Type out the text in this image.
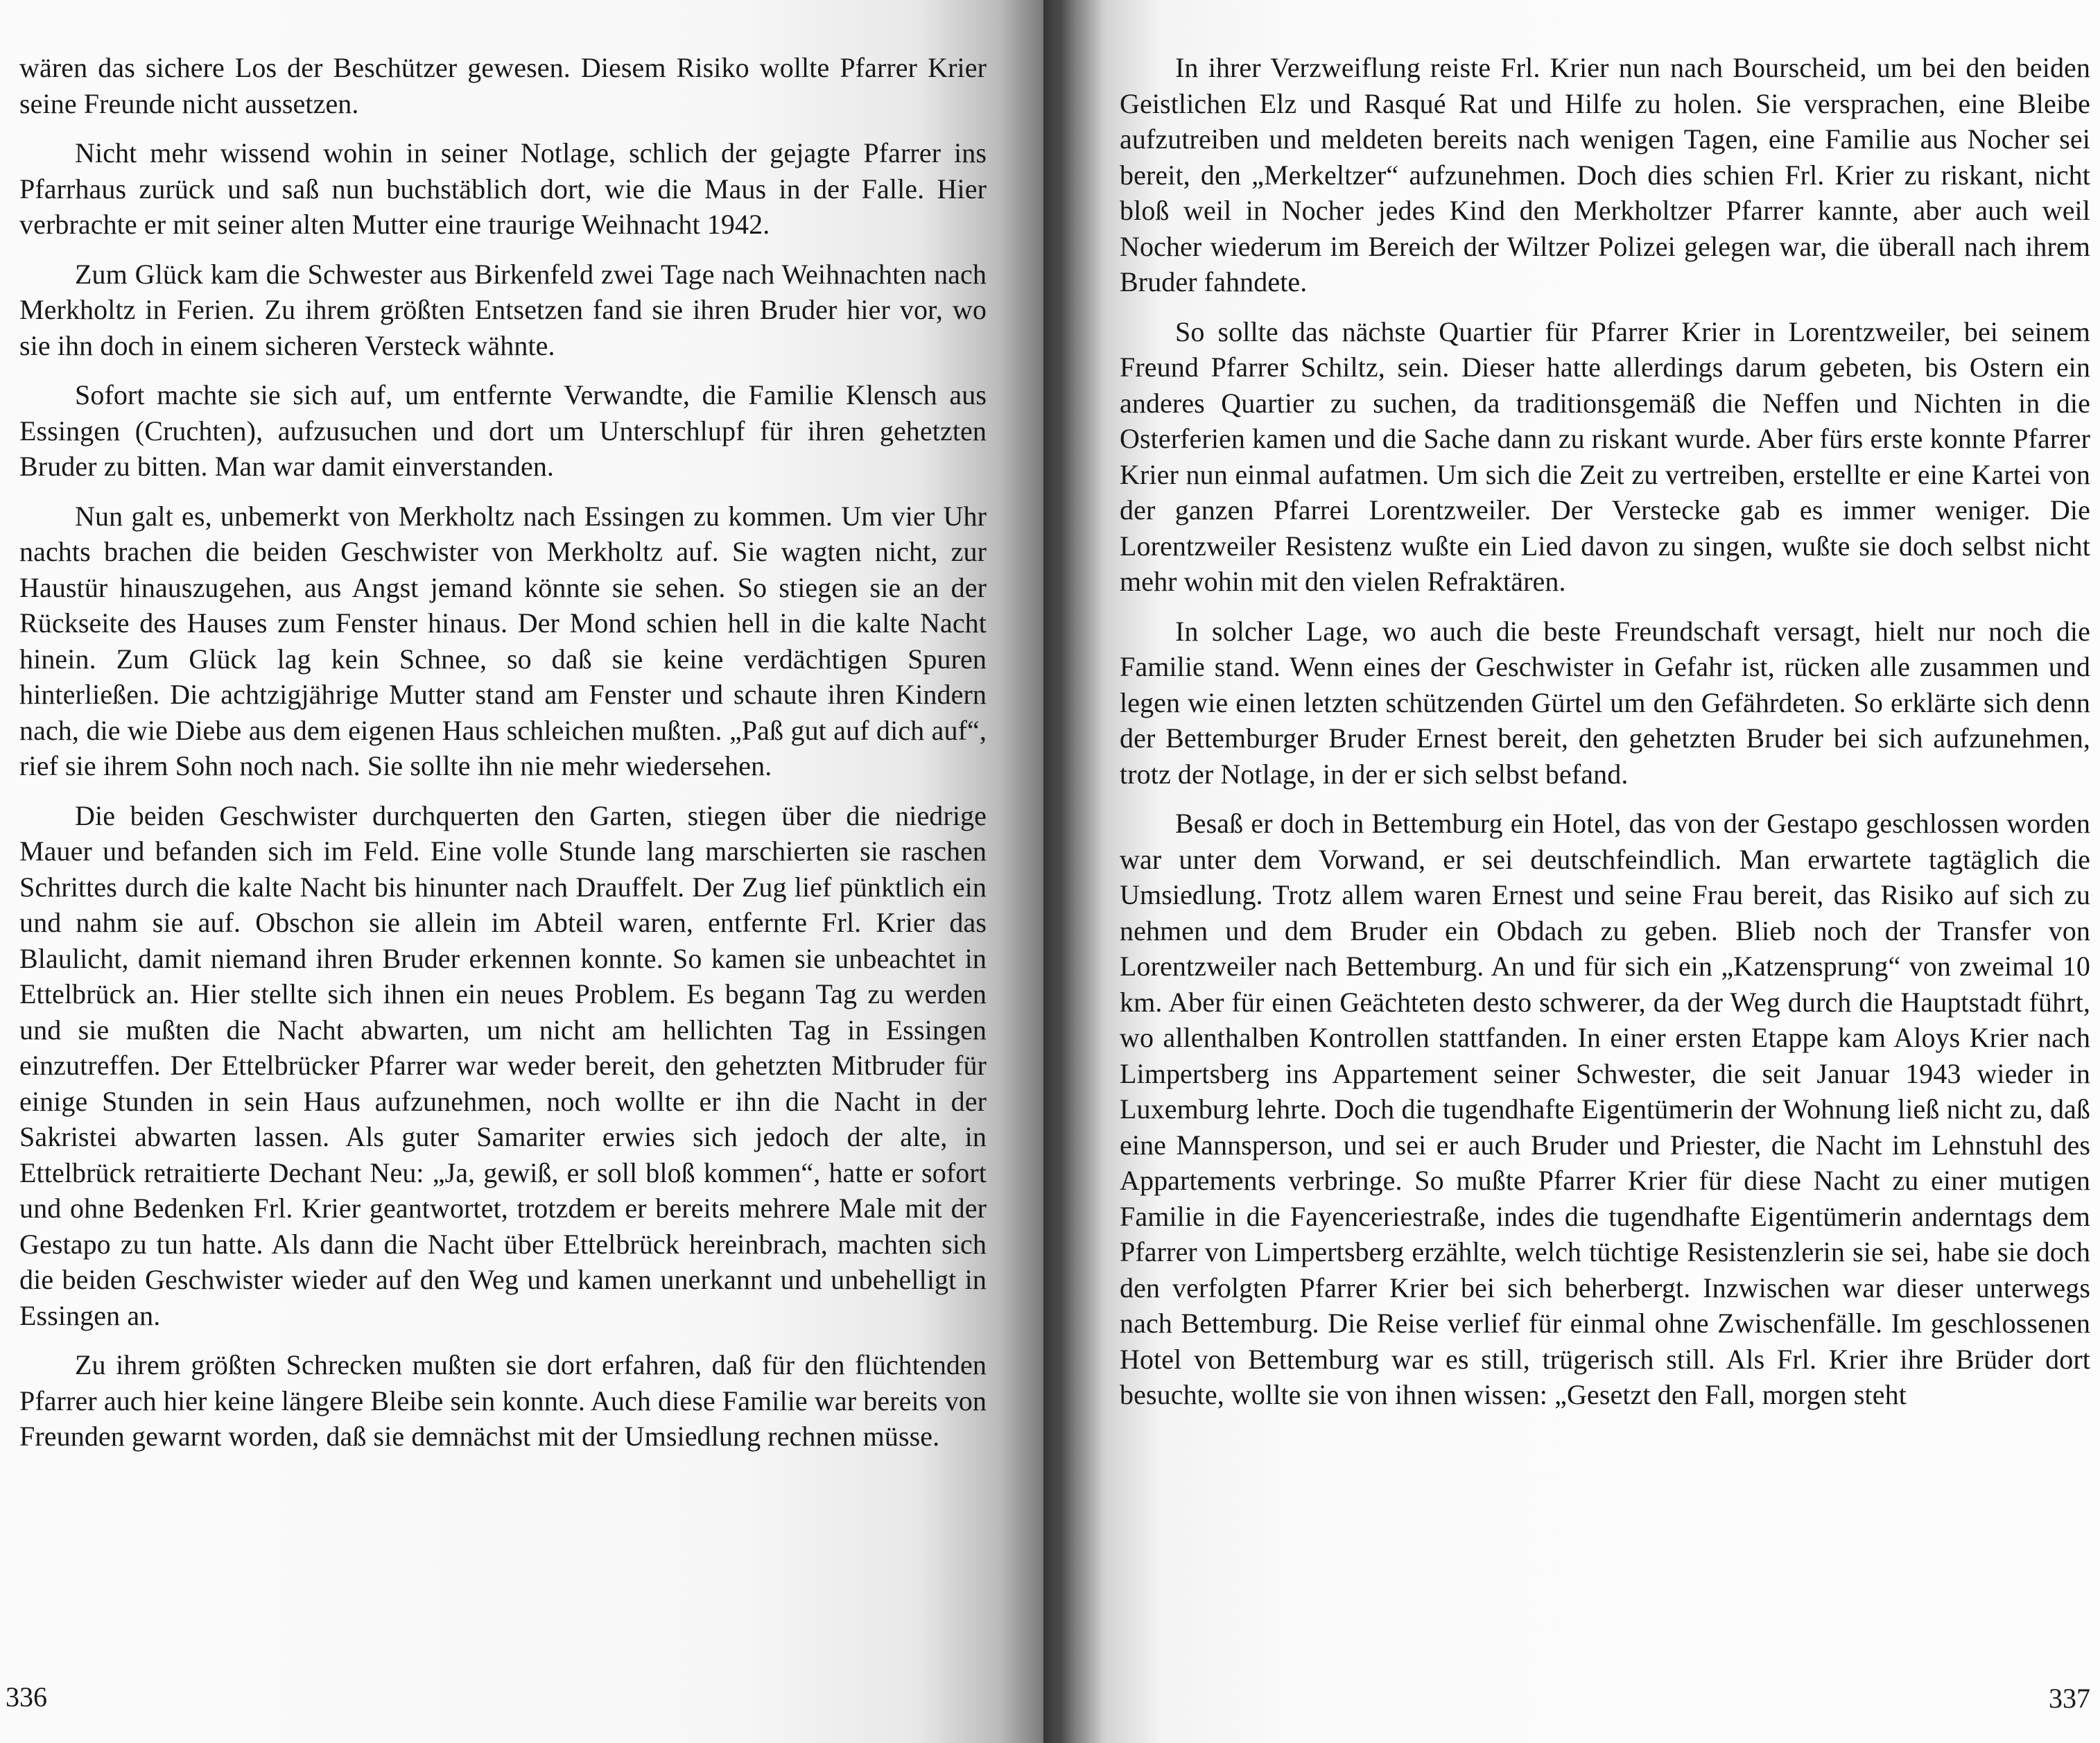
wären das sichere Los der Beschützer gewesen. Diesem Risiko wollte Pfarrer Krier seine Freunde nicht aussetzen.

Nicht mehr wissend wohin in seiner Notlage, schlich der gejagte Pfarrer ins Pfarrhaus zurück und saß nun buchstäblich dort, wie die Maus in der Falle. Hier verbrachte er mit seiner alten Mutter eine traurige Weihnacht 1942.

Zum Glück kam die Schwester aus Birkenfeld zwei Tage nach Weihnachten nach Merkholtz in Ferien. Zu ihrem größten Entsetzen fand sie ihren Bruder hier vor, wo sie ihn doch in einem sicheren Versteck wähnte.

Sofort machte sie sich auf, um entfernte Verwandte, die Familie Klensch aus Essingen (Cruchten), aufzusuchen und dort um Unterschlupf für ihren gehetzten Bruder zu bitten. Man war damit einverstanden.

Nun galt es, unbemerkt von Merkholtz nach Essingen zu kommen. Um vier Uhr nachts brachen die beiden Geschwister von Merkholtz auf. Sie wagten nicht, zur Haustür hinauszugehen, aus Angst jemand könnte sie sehen. So stiegen sie an der Rückseite des Hauses zum Fenster hinaus. Der Mond schien hell in die kalte Nacht hinein. Zum Glück lag kein Schnee, so daß sie keine verdächtigen Spuren hinterließen. Die achtzigjährige Mutter stand am Fenster und schaute ihren Kindern nach, die wie Diebe aus dem eigenen Haus schleichen mußten. „Paß gut auf dich auf“, rief sie ihrem Sohn noch nach. Sie sollte ihn nie mehr wiedersehen.

Die beiden Geschwister durchquerten den Garten, stiegen über die niedrige Mauer und befanden sich im Feld. Eine volle Stunde lang marschierten sie raschen Schrittes durch die kalte Nacht bis hinunter nach Drauffelt. Der Zug lief pünktlich ein und nahm sie auf. Obschon sie allein im Abteil waren, entfernte Frl. Krier das Blaulicht, damit niemand ihren Bruder erkennen konnte. So kamen sie unbeachtet in Ettelbrück an. Hier stellte sich ihnen ein neues Problem. Es begann Tag zu werden und sie mußten die Nacht abwarten, um nicht am hellichten Tag in Essingen einzutreffen. Der Ettelbrücker Pfarrer war weder bereit, den gehetzten Mitbruder für einige Stunden in sein Haus aufzunehmen, noch wollte er ihn die Nacht in der Sakristei abwarten lassen. Als guter Samariter erwies sich jedoch der alte, in Ettelbrück retraitierte Dechant Neu: „Ja, gewiß, er soll bloß kommen“, hatte er sofort und ohne Bedenken Frl. Krier geantwortet, trotzdem er bereits mehrere Male mit der Gestapo zu tun hatte. Als dann die Nacht über Ettelbrück hereinbrach, machten sich die beiden Geschwister wieder auf den Weg und kamen unerkannt und unbehelligt in Essingen an.

Zu ihrem größten Schrecken mußten sie dort erfahren, daß für den flüchtenden Pfarrer auch hier keine längere Bleibe sein konnte. Auch diese Familie war bereits von Freunden gewarnt worden, daß sie demnächst mit der Umsiedlung rechnen müsse.

336

In ihrer Verzweiflung reiste Frl. Krier nun nach Bourscheid, um bei den beiden Geistlichen Elz und Rasqué Rat und Hilfe zu holen. Sie versprachen, eine Bleibe aufzutreiben und meldeten bereits nach wenigen Tagen, eine Familie aus Nocher sei bereit, den „Merkeltzer“ aufzunehmen. Doch dies schien Frl. Krier zu riskant, nicht bloß weil in Nocher jedes Kind den Merkholtzer Pfarrer kannte, aber auch weil Nocher wiederum im Bereich der Wiltzer Polizei gelegen war, die überall nach ihrem Bruder fahndete.

So sollte das nächste Quartier für Pfarrer Krier in Lorentzweiler, bei seinem Freund Pfarrer Schiltz, sein. Dieser hatte allerdings darum gebeten, bis Ostern ein anderes Quartier zu suchen, da traditionsgemäß die Neffen und Nichten in die Osterferien kamen und die Sache dann zu riskant wurde. Aber fürs erste konnte Pfarrer Krier nun einmal aufatmen. Um sich die Zeit zu vertreiben, erstellte er eine Kartei von der ganzen Pfarrei Lorentzweiler. Der Verstecke gab es immer weniger. Die Lorentzweiler Resistenz wußte ein Lied davon zu singen, wußte sie doch selbst nicht mehr wohin mit den vielen Refraktären.

In solcher Lage, wo auch die beste Freundschaft versagt, hielt nur noch die Familie stand. Wenn eines der Geschwister in Gefahr ist, rücken alle zusammen und legen wie einen letzten schützenden Gürtel um den Gefährdeten. So erklärte sich denn der Bettemburger Bruder Ernest bereit, den gehetzten Bruder bei sich aufzunehmen, trotz der Notlage, in der er sich selbst befand.

Besaß er doch in Bettemburg ein Hotel, das von der Gestapo geschlossen worden war unter dem Vorwand, er sei deutschfeindlich. Man erwartete tagtäglich die Umsiedlung. Trotz allem waren Ernest und seine Frau bereit, das Risiko auf sich zu nehmen und dem Bruder ein Obdach zu geben. Blieb noch der Transfer von Lorentzweiler nach Bettemburg. An und für sich ein „Katzensprung“ von zweimal 10 km. Aber für einen Geächteten desto schwerer, da der Weg durch die Hauptstadt führt, wo allenthalben Kontrollen stattfanden. In einer ersten Etappe kam Aloys Krier nach Limpertsberg ins Appartement seiner Schwester, die seit Januar 1943 wieder in Luxemburg lehrte. Doch die tugendhafte Eigentümerin der Wohnung ließ nicht zu, daß eine Mannsperson, und sei er auch Bruder und Priester, die Nacht im Lehnstuhl des Appartements verbringe. So mußte Pfarrer Krier für diese Nacht zu einer mutigen Familie in die Fayenceriestraße, indes die tugendhafte Eigentümerin anderntags dem Pfarrer von Limpertsberg erzählte, welch tüchtige Resistenzlerin sie sei, habe sie doch den verfolgten Pfarrer Krier bei sich beherbergt. Inzwischen war dieser unterwegs nach Bettemburg. Die Reise verlief für einmal ohne Zwischenfälle. Im geschlossenen Hotel von Bettemburg war es still, trügerisch still. Als Frl. Krier ihre Brüder dort besuchte, wollte sie von ihnen wissen: „Gesetzt den Fall, morgen steht

337
